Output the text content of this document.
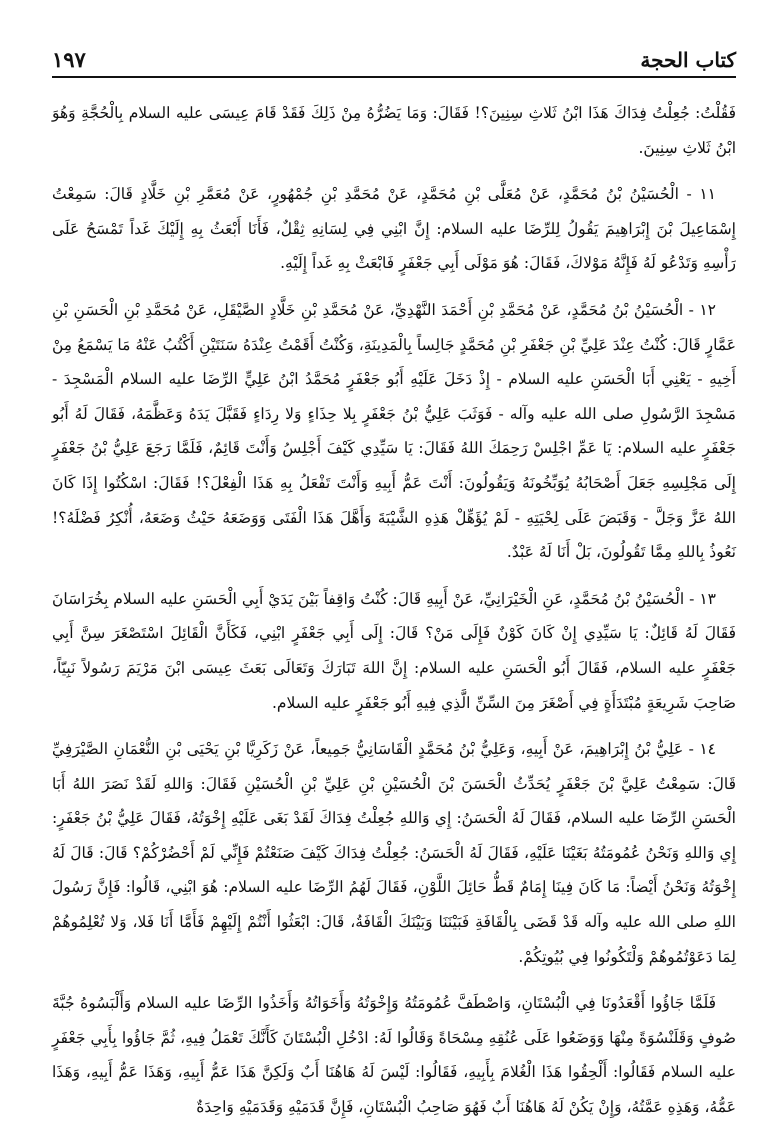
كتاب الحجة
١٩٧

فَقُلْتُ: جُعِلْتُ فِدَاكَ هَذَا ابْنُ ثَلاثِ سِنِينَ؟! فَقَالَ: وَمَا يَضُرُّهُ مِنْ ذَلِكَ فَقَدْ قَامَ عِيسَى عليه السلام بِالْحُجَّةِ وَهُوَ ابْنُ ثَلاثِ سِنِينَ.

١١ - الْحُسَيْنُ بْنُ مُحَمَّدٍ، عَنْ مُعَلَّى بْنِ مُحَمَّدٍ، عَنْ مُحَمَّدِ بْنِ جُمْهُورٍ، عَنْ مُعَمَّرِ بْنِ خَلَّادٍ قَالَ: سَمِعْتُ إِسْمَاعِيلَ بْنَ إِبْرَاهِيمَ يَقُولُ لِلرِّضَا عليه السلام: إِنَّ ابْنِي فِي لِسَانِهِ ثِقْلٌ، فَأَنَا أَبْعَثُ بِهِ إِلَيْكَ غَداً تَمْسَحُ عَلَى رَأْسِهِ وَتَدْعُو لَهُ فَإِنَّهُ مَوْلاكَ، فَقَالَ: هُوَ مَوْلَى أَبِي جَعْفَرٍ فَابْعَثْ بِهِ غَداً إِلَيْهِ.

١٢ - الْحُسَيْنُ بْنُ مُحَمَّدٍ، عَنْ مُحَمَّدِ بْنِ أَحْمَدَ النَّهْدِيِّ، عَنْ مُحَمَّدِ بْنِ خَلَّادٍ الصَّيْقَلِ، عَنْ مُحَمَّدِ بْنِ الْحَسَنِ بْنِ عَمَّارٍ قَالَ: كُنْتُ عِنْدَ عَلِيِّ بْنِ جَعْفَرِ بْنِ مُحَمَّدٍ جَالِساً بِالْمَدِينَةِ، وَكُنْتُ أَقَمْتُ عِنْدَهُ سَنَتَيْنِ أَكْتُبُ عَنْهُ مَا يَسْمَعُ مِنْ أَخِيهِ - يَعْنِي أَبَا الْحَسَنِ عليه السلام - إِذْ دَخَلَ عَلَيْهِ أَبُو جَعْفَرٍ مُحَمَّدُ ابْنُ عَلِيٍّ الرِّضَا عليه السلام الْمَسْجِدَ - مَسْجِدَ الرَّسُولِ صلى الله عليه وآله - فَوَثَبَ عَلِيُّ بْنُ جَعْفَرٍ بِلا حِذَاءٍ وَلا رِدَاءٍ فَقَبَّلَ يَدَهُ وَعَظَّمَهُ، فَقَالَ لَهُ أَبُو جَعْفَرٍ عليه السلام: يَا عَمِّ اجْلِسْ رَحِمَكَ اللهُ فَقَالَ: يَا سَيِّدِي كَيْفَ أَجْلِسُ وَأَنْتَ قَائِمٌ، فَلَمَّا رَجَعَ عَلِيُّ بْنُ جَعْفَرٍ إِلَى مَجْلِسِهِ جَعَلَ أَصْحَابُهُ يُوَبِّخُونَهُ وَيَقُولُونَ: أَنْتَ عَمُّ أَبِيهِ وَأَنْتَ تَفْعَلُ بِهِ هَذَا الْفِعْلَ؟! فَقَالَ: اسْكُتُوا إِذَا كَانَ اللهُ عَزَّ وَجَلَّ - وَقَبَضَ عَلَى لِحْيَتِهِ - لَمْ يُؤَهِّلْ هَذِهِ الشَّيْبَةَ وَأَهَّلَ هَذَا الْفَتَى وَوَضَعَهُ حَيْثُ وَضَعَهُ، أُنْكِرُ فَضْلَهُ؟! نَعُوذُ بِاللهِ مِمَّا تَقُولُونَ، بَلْ أَنَا لَهُ عَبْدٌ.

١٣ - الْحُسَيْنُ بْنُ مُحَمَّدٍ، عَنِ الْخَيْرَانِيِّ، عَنْ أَبِيهِ قَالَ: كُنْتُ وَاقِفاً بَيْنَ يَدَيْ أَبِي الْحَسَنِ عليه السلام بِخُرَاسَانَ فَقَالَ لَهُ قَائِلٌ: يَا سَيِّدِي إِنْ كَانَ كَوْنٌ فَإِلَى مَنْ؟ قَالَ: إِلَى أَبِي جَعْفَرٍ ابْنِي، فَكَأَنَّ الْقَائِلَ اسْتَصْغَرَ سِنَّ أَبِي جَعْفَرٍ عليه السلام، فَقَالَ أَبُو الْحَسَنِ عليه السلام: إِنَّ اللهَ تَبَارَكَ وَتَعَالَى بَعَثَ عِيسَى ابْنَ مَرْيَمَ رَسُولاً نَبِيّاً، صَاحِبَ شَرِيعَةٍ مُبْتَدَأَةٍ فِي أَصْغَرَ مِنَ السِّنِّ الَّذِي فِيهِ أَبُو جَعْفَرٍ عليه السلام.

١٤ - عَلِيُّ بْنُ إِبْرَاهِيمَ، عَنْ أَبِيهِ، وَعَلِيُّ بْنُ مُحَمَّدٍ الْقَاسَانِيُّ جَمِيعاً، عَنْ زَكَرِيَّا بْنِ يَحْيَى بْنِ النُّعْمَانِ الصَّيْرَفِيِّ قَالَ: سَمِعْتُ عَلِيَّ بْنَ جَعْفَرٍ يُحَدِّثُ الْحَسَنَ بْنَ الْحُسَيْنِ بْنِ عَلِيِّ بْنِ الْحُسَيْنِ فَقَالَ: وَاللهِ لَقَدْ نَصَرَ اللهُ أَبَا الْحَسَنِ الرِّضَا عليه السلام، فَقَالَ لَهُ الْحَسَنُ: إِي وَاللهِ جُعِلْتُ فِدَاكَ لَقَدْ بَغَى عَلَيْهِ إِخْوَتُهُ، فَقَالَ عَلِيُّ بْنُ جَعْفَرٍ: إِي وَاللهِ وَنَحْنُ عُمُومَتُهُ بَغَيْنَا عَلَيْهِ، فَقَالَ لَهُ الْحَسَنُ: جُعِلْتُ فِدَاكَ كَيْفَ صَنَعْتُمْ فَإِنِّي لَمْ أَحْضُرْكُمْ؟ قَالَ: قَالَ لَهُ إِخْوَتُهُ وَنَحْنُ أَيْضاً: مَا كَانَ فِينَا إِمَامٌ قَطُّ حَائِلَ اللَّوْنِ، فَقَالَ لَهُمُ الرِّضَا عليه السلام: هُوَ ابْنِي، قَالُوا: فَإِنَّ رَسُولَ اللهِ صلى الله عليه وآله قَدْ قَضَى بِالْقَافَةِ فَبَيْنَنَا وَبَيْنَكَ الْقَافَةُ، قَالَ: ابْعَثُوا أَنْتُمْ إِلَيْهِمْ فَأَمَّا أَنَا فَلا، وَلا تُعْلِمُوهُمْ لِمَا دَعَوْتُمُوهُمْ وَلْتَكُونُوا فِي بُيُوتِكُمْ.

فَلَمَّا جَاؤُوا أَقْعَدُونَا فِي الْبُسْتَانِ، وَاصْطَفَّ عُمُومَتُهُ وَإِخْوَتُهُ وَأَخَوَاتُهُ وَأَخَذُوا الرِّضَا عليه السلام وَأَلْبَسُوهُ جُبَّةَ صُوفٍ وَقَلَنْسُوَةً مِنْهَا وَوَضَعُوا عَلَى عُنُقِهِ مِسْحَاةً وَقَالُوا لَهُ: ادْخُلِ الْبُسْتَانَ كَأَنَّكَ تَعْمَلُ فِيهِ، ثُمَّ جَاؤُوا بِأَبِي جَعْفَرٍ عليه السلام فَقَالُوا: أَلْحِقُوا هَذَا الْغُلامَ بِأَبِيهِ، فَقَالُوا: لَيْسَ لَهُ هَاهُنَا أَبٌ وَلَكِنَّ هَذَا عَمُّ أَبِيهِ، وَهَذَا عَمُّ أَبِيهِ، وَهَذَا عَمُّهُ، وَهَذِهِ عَمَّتُهُ، وَإِنْ يَكُنْ لَهُ هَاهُنَا أَبٌ فَهُوَ صَاحِبُ الْبُسْتَانِ، فَإِنَّ قَدَمَيْهِ وَقَدَمَيْهِ وَاحِدَةٌ
